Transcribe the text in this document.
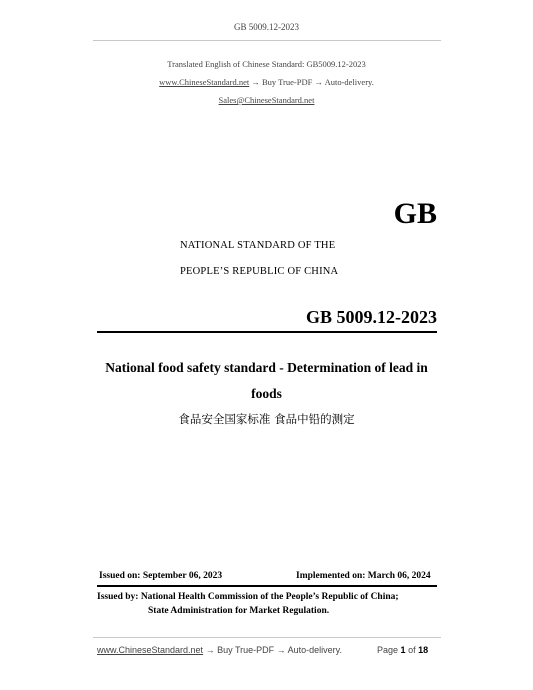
GB 5009.12-2023
Translated English of Chinese Standard: GB5009.12-2023
www.ChineseStandard.net → Buy True-PDF → Auto-delivery.
Sales@ChineseStandard.net
GB
NATIONAL STANDARD OF THE
PEOPLE’S REPUBLIC OF CHINA
GB 5009.12-2023
National food safety standard - Determination of lead in
foods
食品安全国家标准 食品中铅的测定
Issued on: September 06, 2023	Implemented on: March 06, 2024
Issued by: National Health Commission of the People’s Republic of China;
State Administration for Market Regulation.
www.ChineseStandard.net → Buy True-PDF → Auto-delivery.	Page 1 of 18
